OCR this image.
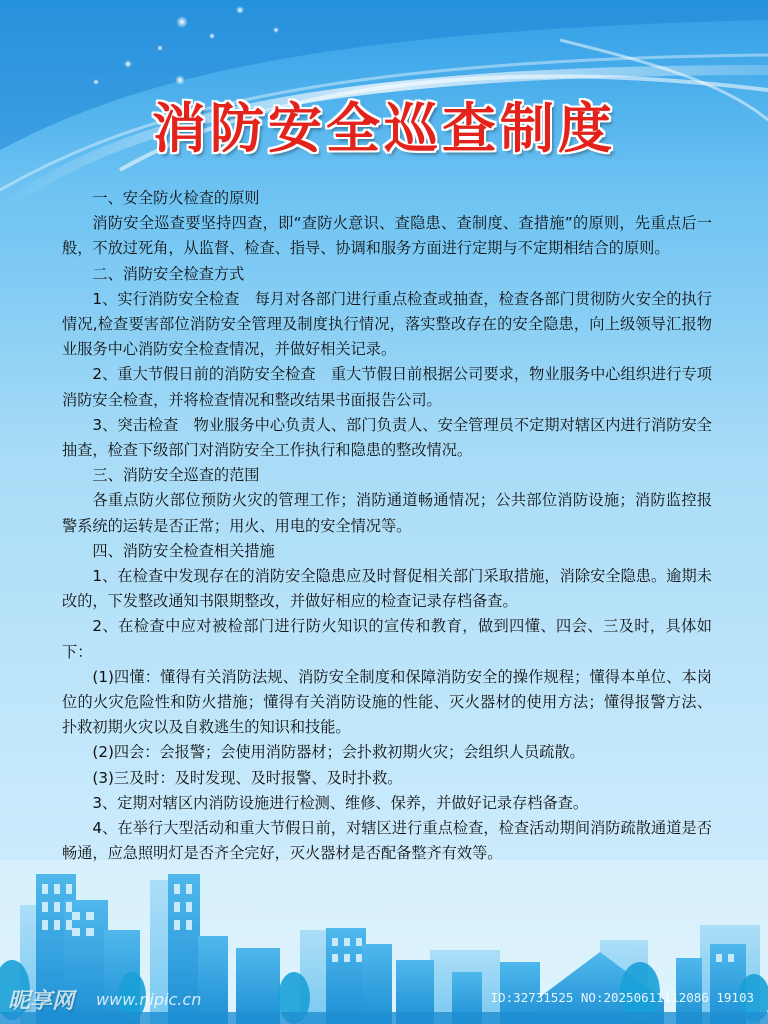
消防安全巡查制度

一、安全防火检查的原则

消防安全巡查要坚持四查，即“查防火意识、查隐患、查制度、查措施”的原则，先重点后一般，不放过死角，从监督、检查、指导、协调和服务方面进行定期与不定期相结合的原则。

二、消防安全检查方式

1、实行消防安全检查　每月对各部门进行重点检查或抽查，检查各部门贯彻防火安全的执行情况,检查要害部位消防安全管理及制度执行情况，落实整改存在的安全隐患，向上级领导汇报物业服务中心消防安全检查情况，并做好相关记录。

2、重大节假日前的消防安全检查　重大节假日前根据公司要求，物业服务中心组织进行专项消防安全检查，并将检查情况和整改结果书面报告公司。

3、突击检查　物业服务中心负责人、部门负责人、安全管理员不定期对辖区内进行消防安全抽查，检查下级部门对消防安全工作执行和隐患的整改情况。

三、消防安全巡查的范围

各重点防火部位预防火灾的管理工作；消防通道畅通情况；公共部位消防设施；消防监控报警系统的运转是否正常；用火、用电的安全情况等。

四、消防安全检查相关措施

1、在检查中发现存在的消防安全隐患应及时督促相关部门采取措施，消除安全隐患。逾期未改的，下发整改通知书限期整改，并做好相应的检查记录存档备查。

2、在检查中应对被检部门进行防火知识的宣传和教育，做到四懂、四会、三及时，具体如下：

(1)四懂：懂得有关消防法规、消防安全制度和保障消防安全的操作规程；懂得本单位、本岗位的火灾危险性和防火措施；懂得有关消防设施的性能、灭火器材的使用方法；懂得报警方法、扑救初期火灾以及自救逃生的知识和技能。

(2)四会：会报警；会使用消防器材；会扑救初期火灾；会组织人员疏散。

(3)三及时：及时发现、及时报警、及时扑救。

3、定期对辖区内消防设施进行检测、维修、保养，并做好记录存档备查。

4、在举行大型活动和重大节假日前，对辖区进行重点检查，检查活动期间消防疏散通道是否畅通，应急照明灯是否齐全完好，灭火器材是否配备整齐有效等。

昵享网 www.nipic.cn	ID:32731525 NO:20250611112086 19103
